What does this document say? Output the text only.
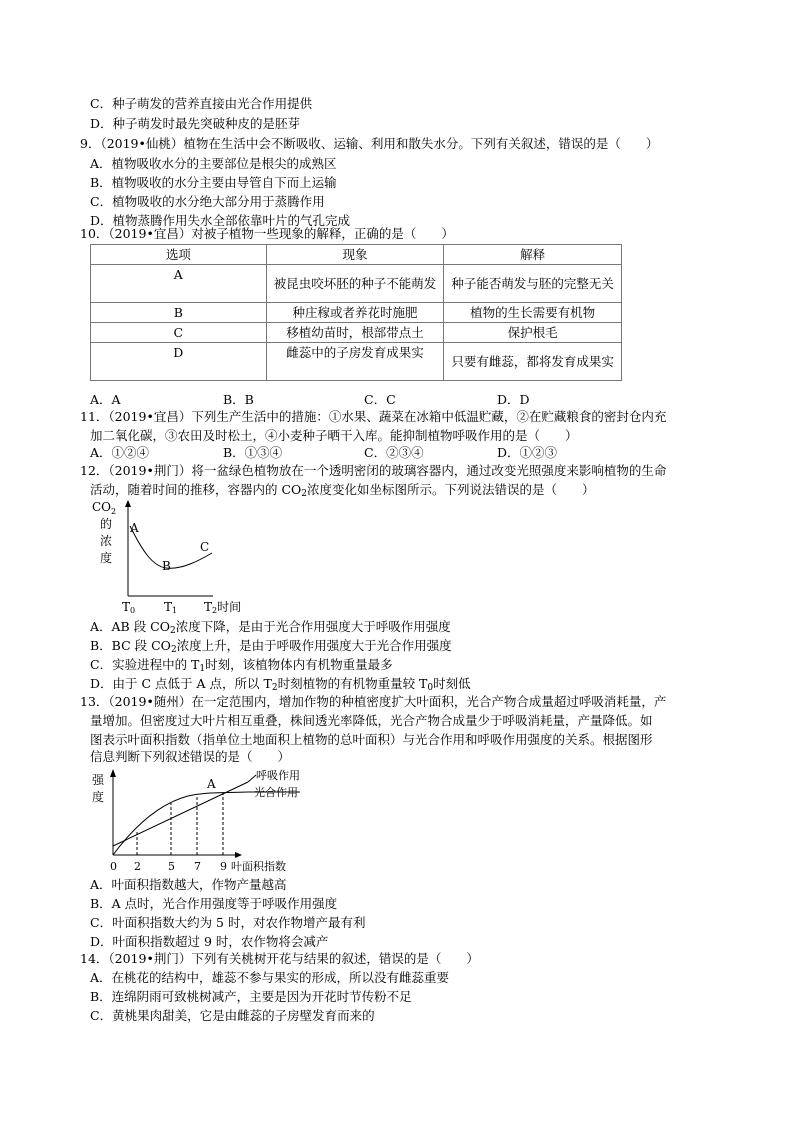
C．种子萌发的营养直接由光合作用提供
D．种子萌发时最先突破种皮的是胚芽
9．（2019•仙桃）植物在生活中会不断吸收、运输、利用和散失水分。下列有关叙述，错误的是（　　）
A．植物吸收水分的主要部位是根尖的成熟区
B．植物吸收的水分主要由导管自下而上运输
C．植物吸收的水分绝大部分用于蒸腾作用
D．植物蒸腾作用失水全部依靠叶片的气孔完成
10．（2019•宜昌）对被子植物一些现象的解释，正确的是（　　）
选项	现象	解释
A	被昆虫咬坏胚的种子不能萌发	种子能否萌发与胚的完整无关
B	种庄稼或者养花时施肥	植物的生长需要有机物
C	移植幼苗时，根部带点土	保护根毛
D	雌蕊中的子房发育成果实	只要有雌蕊，都将发育成果实
A．A	B．B	C．C	D．D
11．（2019•宜昌）下列生产生活中的措施：①水果、蔬菜在冰箱中低温贮藏，②在贮藏粮食的密封仓内充
加二氧化碳，③农田及时松土，④小麦种子晒干入库。能抑制植物呼吸作用的是（　　）
A．①②④	B．①③④	C．②③④	D．①②③
12．（2019•荆门）将一盆绿色植物放在一个透明密闭的玻璃容器内，通过改变光照强度来影响植物的生命
活动，随着时间的推移，容器内的 $CO_2$浓度变化如坐标图所示。下列说法错误的是（　　）
$CO_2$
的
浓
度
A
B
C
T0 T1 T2时间
A．AB 段 $CO_2$浓度下降，是由于光合作用强度大于呼吸作用强度
B．BC 段 $CO_2$浓度上升，是由于呼吸作用强度大于光合作用强度
C．实验进程中的 $T_1$时刻，该植物体内有机物重量最多
D．由于 C 点低于 A 点，所以 $T_2$时刻植物的有机物重量较 $T_0$时刻低
13．（2019•随州）在一定范围内，增加作物的种植密度扩大叶面积，光合产物合成量超过呼吸消耗量，产
量增加。但密度过大叶片相互重叠，株间透光率降低，光合产物合成量少于呼吸消耗量，产量降低。如
图表示叶面积指数（指单位土地面积上植物的总叶面积）与光合作用和呼吸作用强度的关系。根据图形
信息判断下列叙述错误的是（　　）
强
度
呼吸作用
光合作用
A
0 2 5 7 9 叶面积指数
A．叶面积指数越大，作物产量越高
B．A 点时，光合作用强度等于呼吸作用强度
C．叶面积指数大约为 5 时，对农作物增产最有利
D．叶面积指数超过 9 时，农作物将会减产
14．（2019•荆门）下列有关桃树开花与结果的叙述，错误的是（　　）
A．在桃花的结构中，雄蕊不参与果实的形成，所以没有雌蕊重要
B．连绵阴雨可致桃树减产，主要是因为开花时节传粉不足
C．黄桃果肉甜美，它是由雌蕊的子房壁发育而来的
